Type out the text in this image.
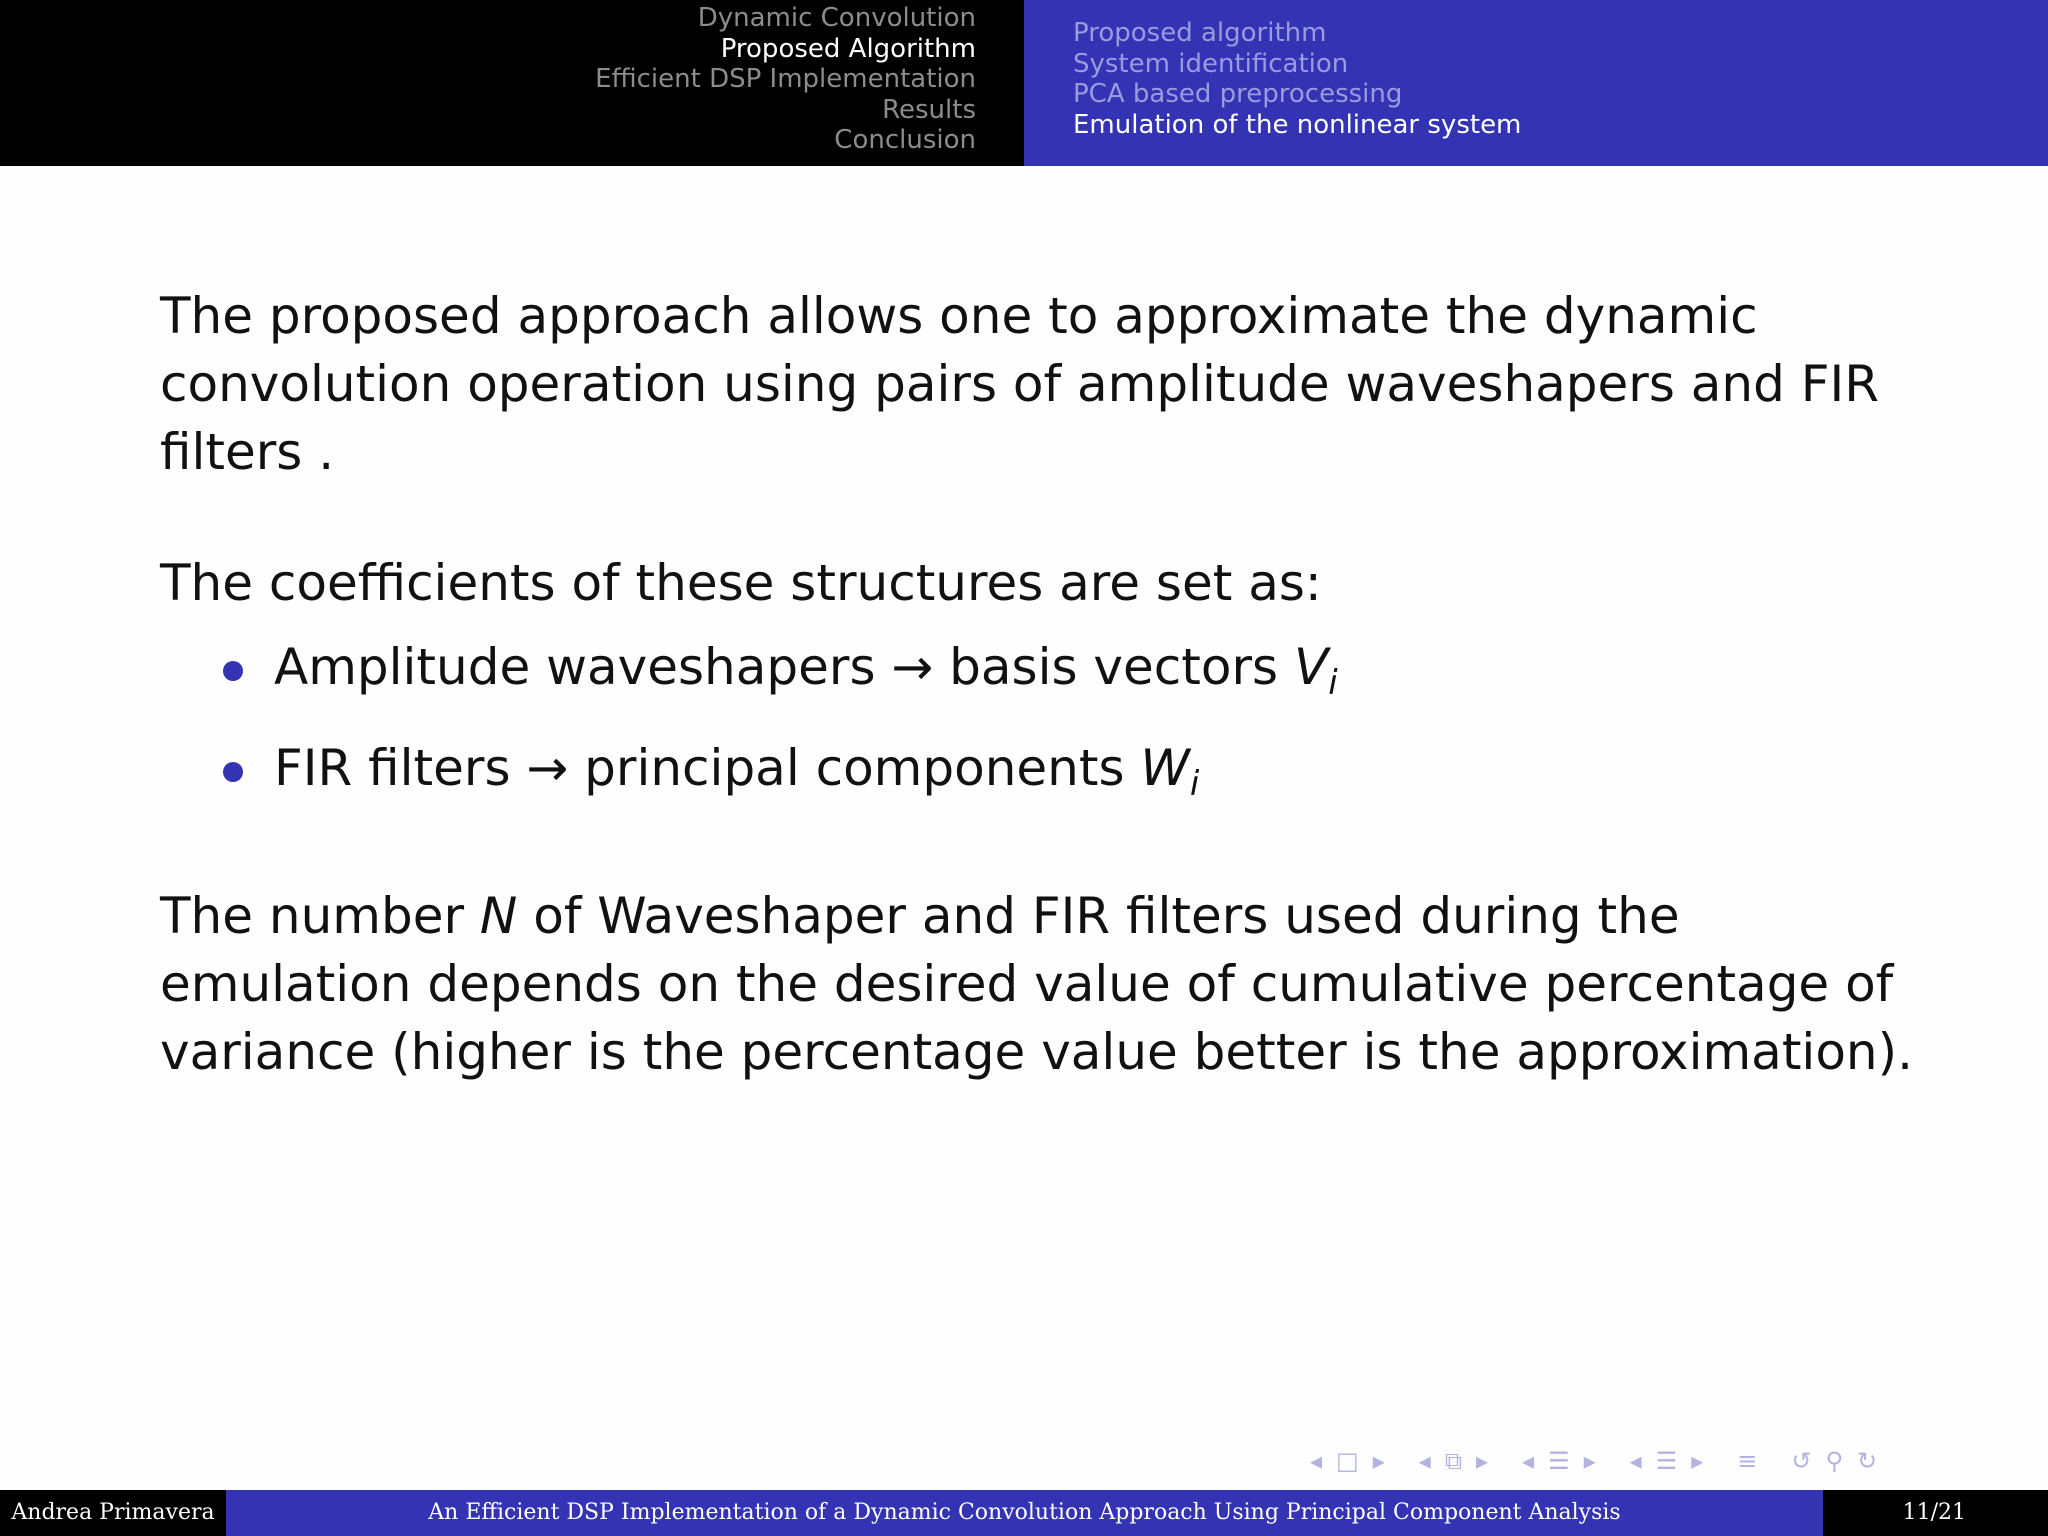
Dynamic Convolution
Proposed Algorithm
Efficient DSP Implementation
Results
Conclusion
Proposed algorithm
System identification
PCA based preprocessing
Emulation of the nonlinear system

The proposed approach allows one to approximate the dynamic convolution operation using pairs of amplitude waveshapers and FIR filters .

The coefficients of these structures are set as:

Amplitude waveshapers → basis vectors $V_i$
FIR filters → principal components $W_i$

The number N of Waveshaper and FIR filters used during the emulation depends on the desired value of cumulative percentage of variance (higher is the percentage value better is the approximation).

◂ □ ▸ ◂ ⧉ ▸ ◂ ☰ ▸ ◂ ☰ ▸ ≡ ↺ ⚲ ↻
Andrea Primavera	An Efficient DSP Implementation of a Dynamic Convolution Approach Using Principal Component Analysis	11/21
